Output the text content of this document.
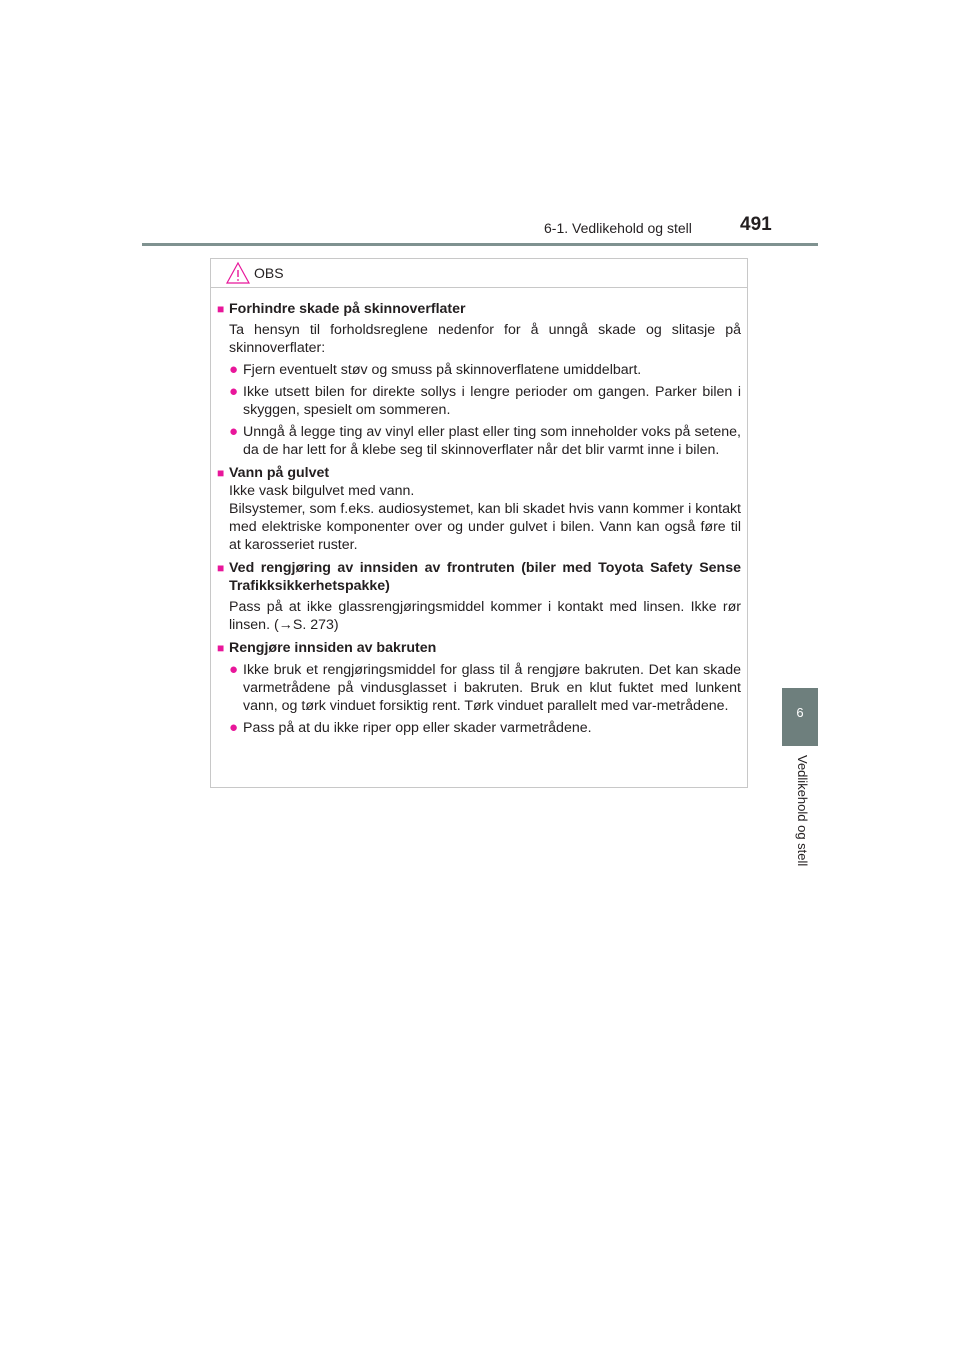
6-1. Vedlikehold og stell	491
6
Vedlikehold og stell
OBS
■ Forhindre skade på skinnoverflater
Ta hensyn til forholdsreglene nedenfor for å unngå skade og slitasje på skinnoverflater:
● Fjern eventuelt støv og smuss på skinnoverflatene umiddelbart.
● Ikke utsett bilen for direkte sollys i lengre perioder om gangen. Parker bilen i skyggen, spesielt om sommeren.
● Unngå å legge ting av vinyl eller plast eller ting som inneholder voks på setene, da de har lett for å klebe seg til skinnoverflater når det blir varmt inne i bilen.
■ Vann på gulvet
Ikke vask bilgulvet med vann.
Bilsystemer, som f.eks. audiosystemet, kan bli skadet hvis vann kommer i kontakt med elektriske komponenter over og under gulvet i bilen. Vann kan også føre til at karosseriet ruster.
■ Ved rengjøring av innsiden av frontruten (biler med Toyota Safety Sense Trafikksikkerhetspakke)
Pass på at ikke glassrengjøringsmiddel kommer i kontakt med linsen. Ikke rør linsen. (→S. 273)
■ Rengjøre innsiden av bakruten
● Ikke bruk et rengjøringsmiddel for glass til å rengjøre bakruten. Det kan skade varmetrådene på vindusglasset i bakruten. Bruk en klut fuktet med lunkent vann, og tørk vinduet forsiktig rent. Tørk vinduet parallelt med var-metrådene.
● Pass på at du ikke riper opp eller skader varmetrådene.
